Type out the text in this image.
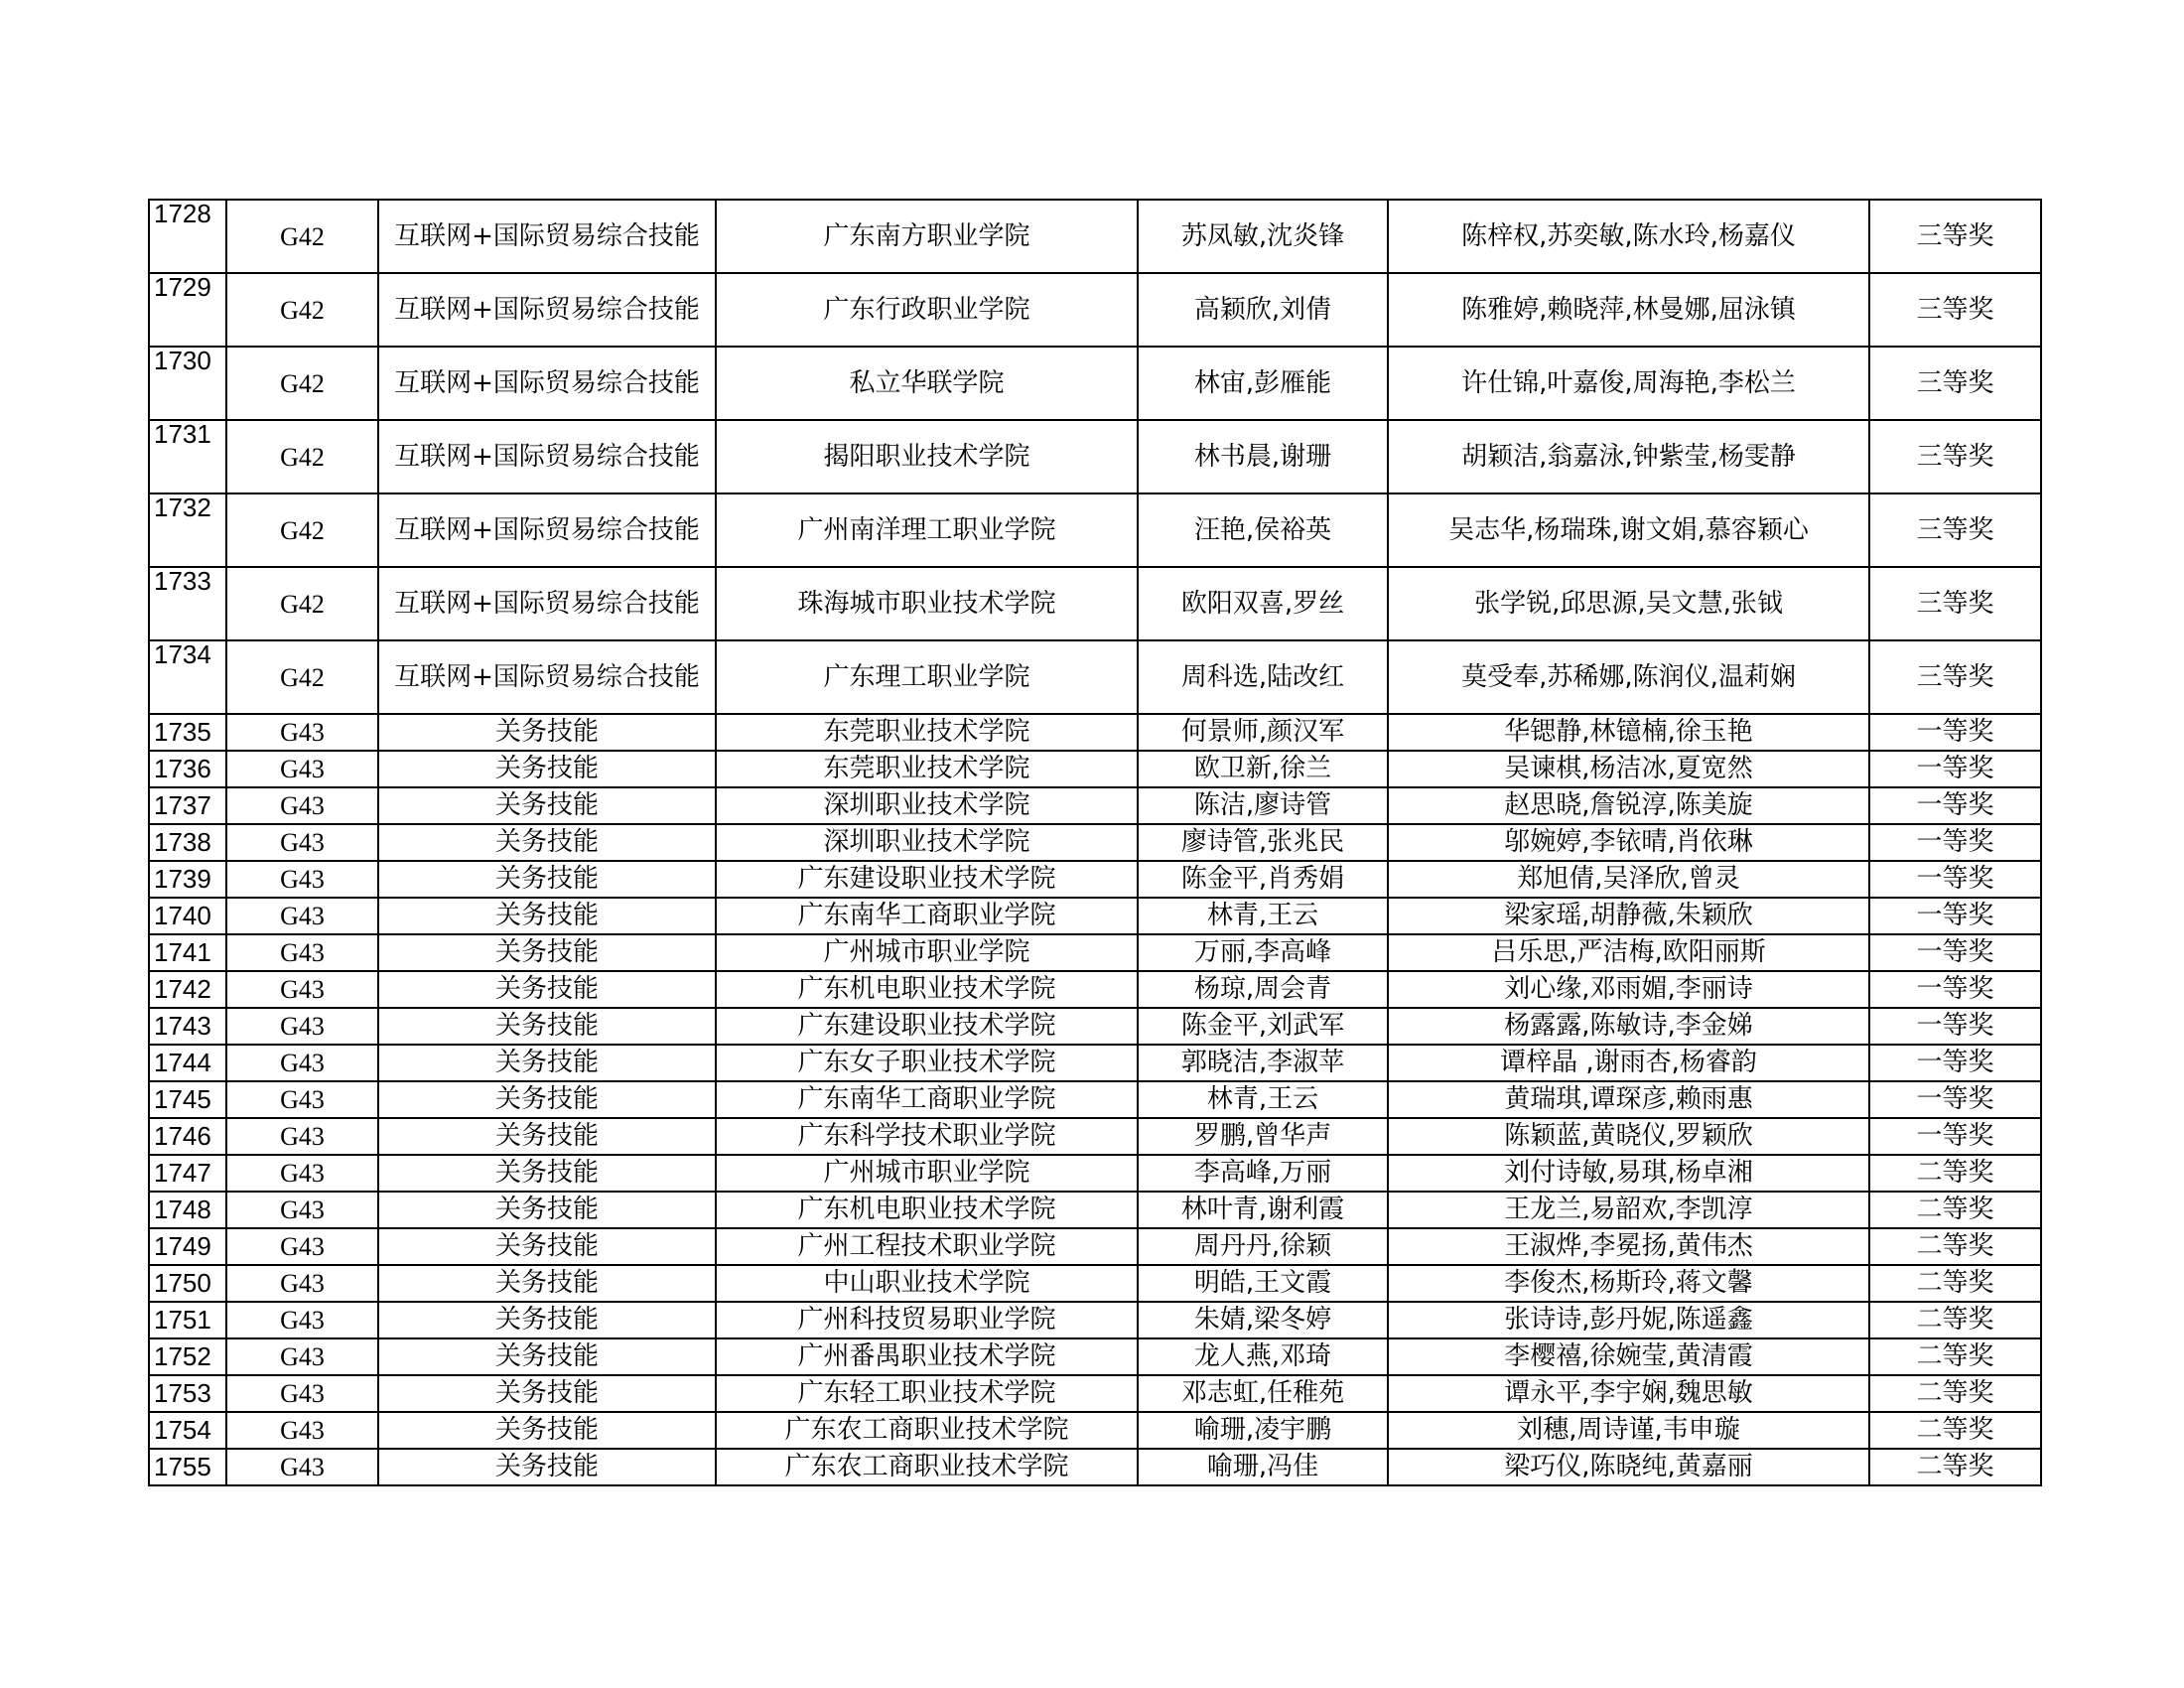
1728	G42	互联网+国际贸易综合技能	广东南方职业学院	苏凤敏,沈炎锋	陈梓权,苏奕敏,陈水玲,杨嘉仪	三等奖
1729	G42	互联网+国际贸易综合技能	广东行政职业学院	高颖欣,刘倩	陈雅婷,赖晓萍,林曼娜,屈泳镇	三等奖
1730	G42	互联网+国际贸易综合技能	私立华联学院	林宙,彭雁能	许仕锦,叶嘉俊,周海艳,李松兰	三等奖
1731	G42	互联网+国际贸易综合技能	揭阳职业技术学院	林书晨,谢珊	胡颖洁,翁嘉泳,钟紫莹,杨雯静	三等奖
1732	G42	互联网+国际贸易综合技能	广州南洋理工职业学院	汪艳,侯裕英	吴志华,杨瑞珠,谢文娟,慕容颖心	三等奖
1733	G42	互联网+国际贸易综合技能	珠海城市职业技术学院	欧阳双喜,罗丝	张学锐,邱思源,吴文慧,张钺	三等奖
1734	G42	互联网+国际贸易综合技能	广东理工职业学院	周科选,陆改红	莫受奉,苏稀娜,陈润仪,温莉娴	三等奖
1735	G43	关务技能	东莞职业技术学院	何景师,颜汉军	华锶静,林镱楠,徐玉艳	一等奖
1736	G43	关务技能	东莞职业技术学院	欧卫新,徐兰	吴谏棋,杨洁冰,夏宽然	一等奖
1737	G43	关务技能	深圳职业技术学院	陈洁,廖诗管	赵思晓,詹锐淳,陈美旋	一等奖
1738	G43	关务技能	深圳职业技术学院	廖诗管,张兆民	邬婉婷,李铱晴,肖依琳	一等奖
1739	G43	关务技能	广东建设职业技术学院	陈金平,肖秀娟	郑旭倩,吴泽欣,曾灵	一等奖
1740	G43	关务技能	广东南华工商职业学院	林青,王云	梁家瑶,胡静薇,朱颖欣	一等奖
1741	G43	关务技能	广州城市职业学院	万丽,李高峰	吕乐思,严洁梅,欧阳丽斯	一等奖
1742	G43	关务技能	广东机电职业技术学院	杨琼,周会青	刘心缘,邓雨媚,李丽诗	一等奖
1743	G43	关务技能	广东建设职业技术学院	陈金平,刘武军	杨露露,陈敏诗,李金娣	一等奖
1744	G43	关务技能	广东女子职业技术学院	郭晓洁,李淑苹	谭梓晶 ,谢雨杏,杨睿韵	一等奖
1745	G43	关务技能	广东南华工商职业学院	林青,王云	黄瑞琪,谭琛彦,赖雨惠	一等奖
1746	G43	关务技能	广东科学技术职业学院	罗鹏,曾华声	陈颖蓝,黄晓仪,罗颖欣	一等奖
1747	G43	关务技能	广州城市职业学院	李高峰,万丽	刘付诗敏,易琪,杨卓湘	二等奖
1748	G43	关务技能	广东机电职业技术学院	林叶青,谢利霞	王龙兰,易韶欢,李凯淳	二等奖
1749	G43	关务技能	广州工程技术职业学院	周丹丹,徐颖	王淑烨,李冕扬,黄伟杰	二等奖
1750	G43	关务技能	中山职业技术学院	明皓,王文霞	李俊杰,杨斯玲,蒋文馨	二等奖
1751	G43	关务技能	广州科技贸易职业学院	朱婧,梁冬婷	张诗诗,彭丹妮,陈遥鑫	二等奖
1752	G43	关务技能	广州番禺职业技术学院	龙人燕,邓琦	李樱禧,徐婉莹,黄清霞	二等奖
1753	G43	关务技能	广东轻工职业技术学院	邓志虹,任稚苑	谭永平,李宇娴,魏思敏	二等奖
1754	G43	关务技能	广东农工商职业技术学院	喻珊,凌宇鹏	刘穗,周诗谨,韦申璇	二等奖
1755	G43	关务技能	广东农工商职业技术学院	喻珊,冯佳	梁巧仪,陈晓纯,黄嘉丽	二等奖
